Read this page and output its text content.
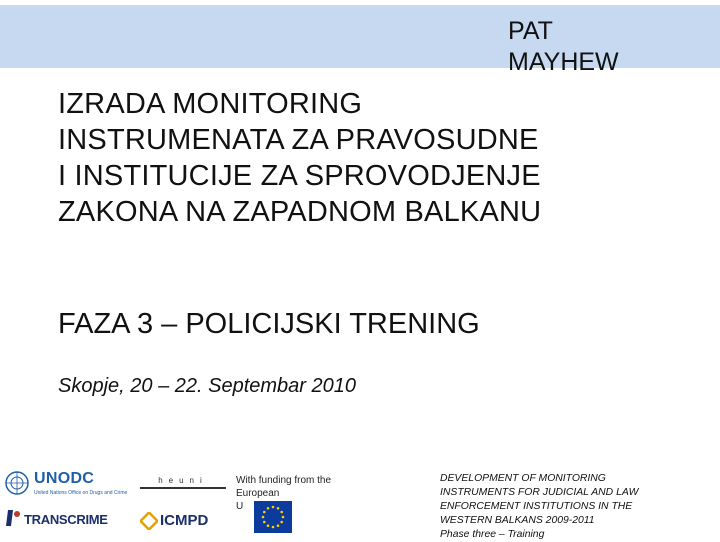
PAT
MAYHEW
IZRADA MONITORING
INSTRUMENATA ZA PRAVOSUDNE
I INSTITUCIJE ZA SPROVODJENJE
ZAKONA NA ZAPADNOM BALKANU
FAZA 3 – POLICIJSKI TRENING
Skopje, 20 – 22. Septembar 2010
UNODC
United Nations Office on Drugs and Crime
heuni
TRANSCRIME	ICMPD
With funding from the European
U
DEVELOPMENT OF MONITORING
INSTRUMENTS FOR JUDICIAL AND LAW
ENFORCEMENT INSTITUTIONS IN THE
WESTERN BALKANS 2009-2011
Phase three – Training
